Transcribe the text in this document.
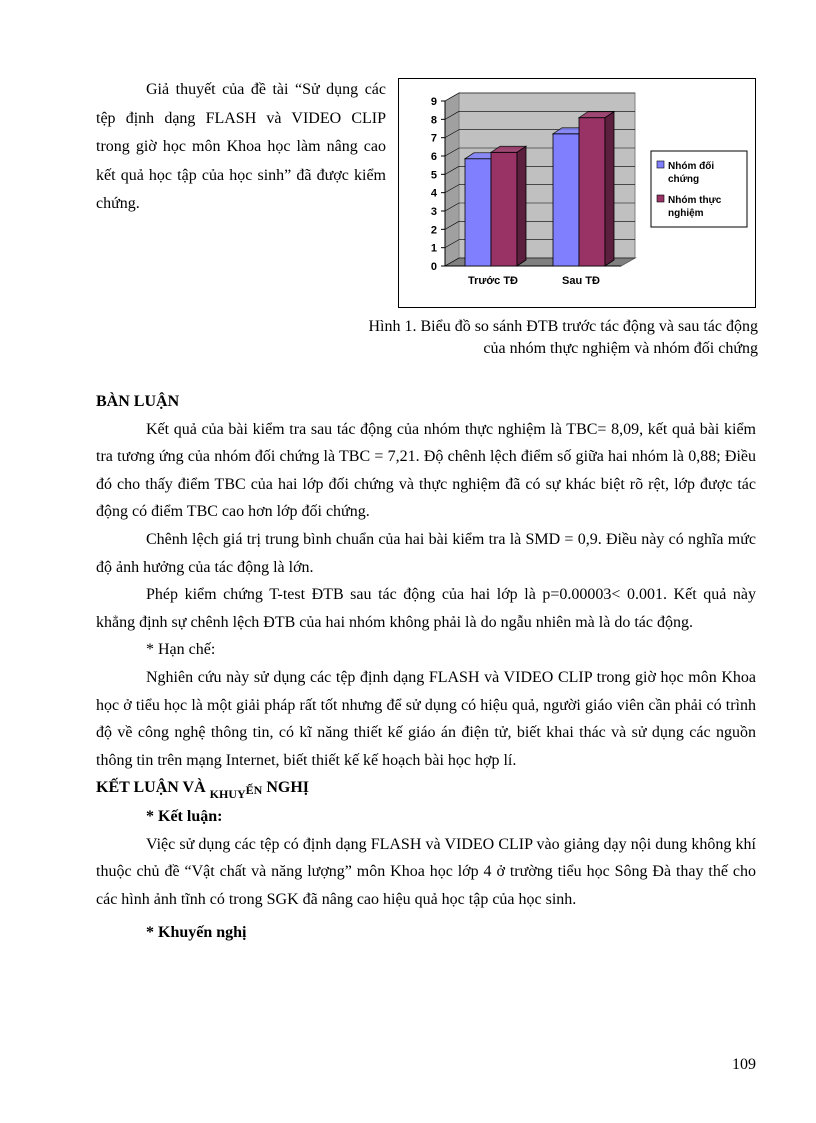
Giả thuyết của đề tài “Sử dụng các tệp định dạng FLASH và VIDEO CLIP trong giờ học môn Khoa học làm nâng cao kết quả học tập của học sinh” đã được kiểm chứng.

0
1
2
3
4
5
6
7
8
9
Trước TĐ	Sau TĐ
Nhóm đối
chứng
Nhóm thực
nghiệm
Hình 1. Biểu đồ so sánh ĐTB trước tác động và sau tác động
của nhóm thực nghiệm và nhóm đối chứng

BÀN LUẬN

Kết quả của bài kiểm tra sau tác động của nhóm thực nghiệm là TBC= 8,09, kết quả bài kiểm tra tương ứng của nhóm đối chứng là TBC = 7,21. Độ chênh lệch điểm số giữa hai nhóm là 0,88; Điều đó cho thấy điểm TBC của hai lớp đối chứng và thực nghiệm đã có sự khác biệt rõ rệt, lớp được tác động có điểm TBC cao hơn lớp đối chứng.

Chênh lệch giá trị trung bình chuẩn của hai bài kiểm tra là SMD = 0,9. Điều này có nghĩa mức độ ảnh hưởng của tác động là lớn.

Phép kiểm chứng T-test ĐTB sau tác động của hai lớp là p=0.00003< 0.001. Kết quả này khẳng định sự chênh lệch ĐTB của hai nhóm không phải là do ngẫu nhiên mà là do tác động.

* Hạn chế:

Nghiên cứu này sử dụng các tệp định dạng FLASH và VIDEO CLIP trong giờ học môn Khoa học ở tiểu học là một giải pháp rất tốt nhưng để sử dụng có hiệu quả, người giáo viên cần phải có trình độ về công nghệ thông tin, có kĩ năng thiết kế giáo án điện tử, biết khai thác và sử dụng các nguồn thông tin trên mạng Internet, biết thiết kế kế hoạch bài học hợp lí.

KẾT LUẬN VÀ $_{KHUY}$ẾN NGHỊ

* Kết luận:

Việc sử dụng các tệp có định dạng FLASH và VIDEO CLIP vào giảng dạy nội dung không khí thuộc chủ đề “Vật chất và năng lượng” môn Khoa học lớp 4 ở trường tiểu học Sông Đà thay thế cho các hình ảnh tĩnh có trong SGK đã nâng cao hiệu quả học tập của học sinh.

* Khuyến nghị

109
